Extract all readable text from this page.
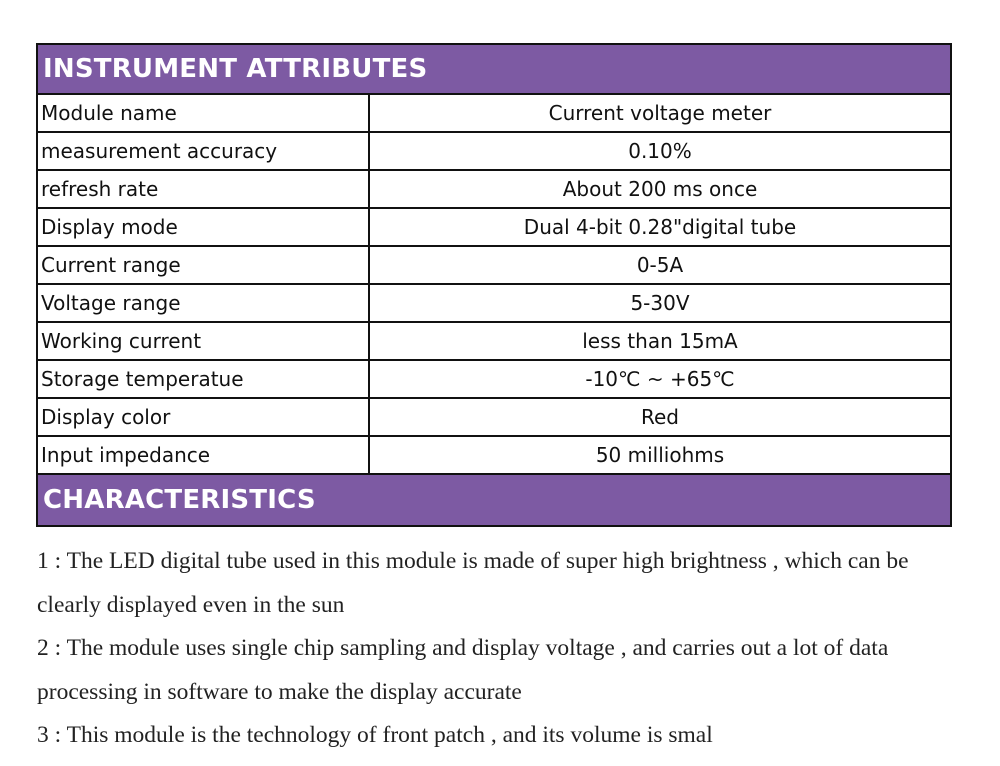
INSTRUMENT ATTRIBUTES
Module name	Current voltage meter
measurement accuracy	0.10%
refresh rate	About 200 ms once
Display mode	Dual 4-bit 0.28"digital tube
Current range	0-5A
Voltage range	5-30V
Working current	less than 15mA
Storage temperatue	-10℃ ~ +65℃
Display color	Red
Input impedance	50 milliohms
CHARACTERISTICS

1 : The LED digital tube used in this module is made of super high brightness , which can be clearly displayed even in the sun

2 : The module uses single chip sampling and display voltage , and carries out a lot of data processing in software to make the display accurate

3 : This module is the technology of front patch , and its volume is smal
